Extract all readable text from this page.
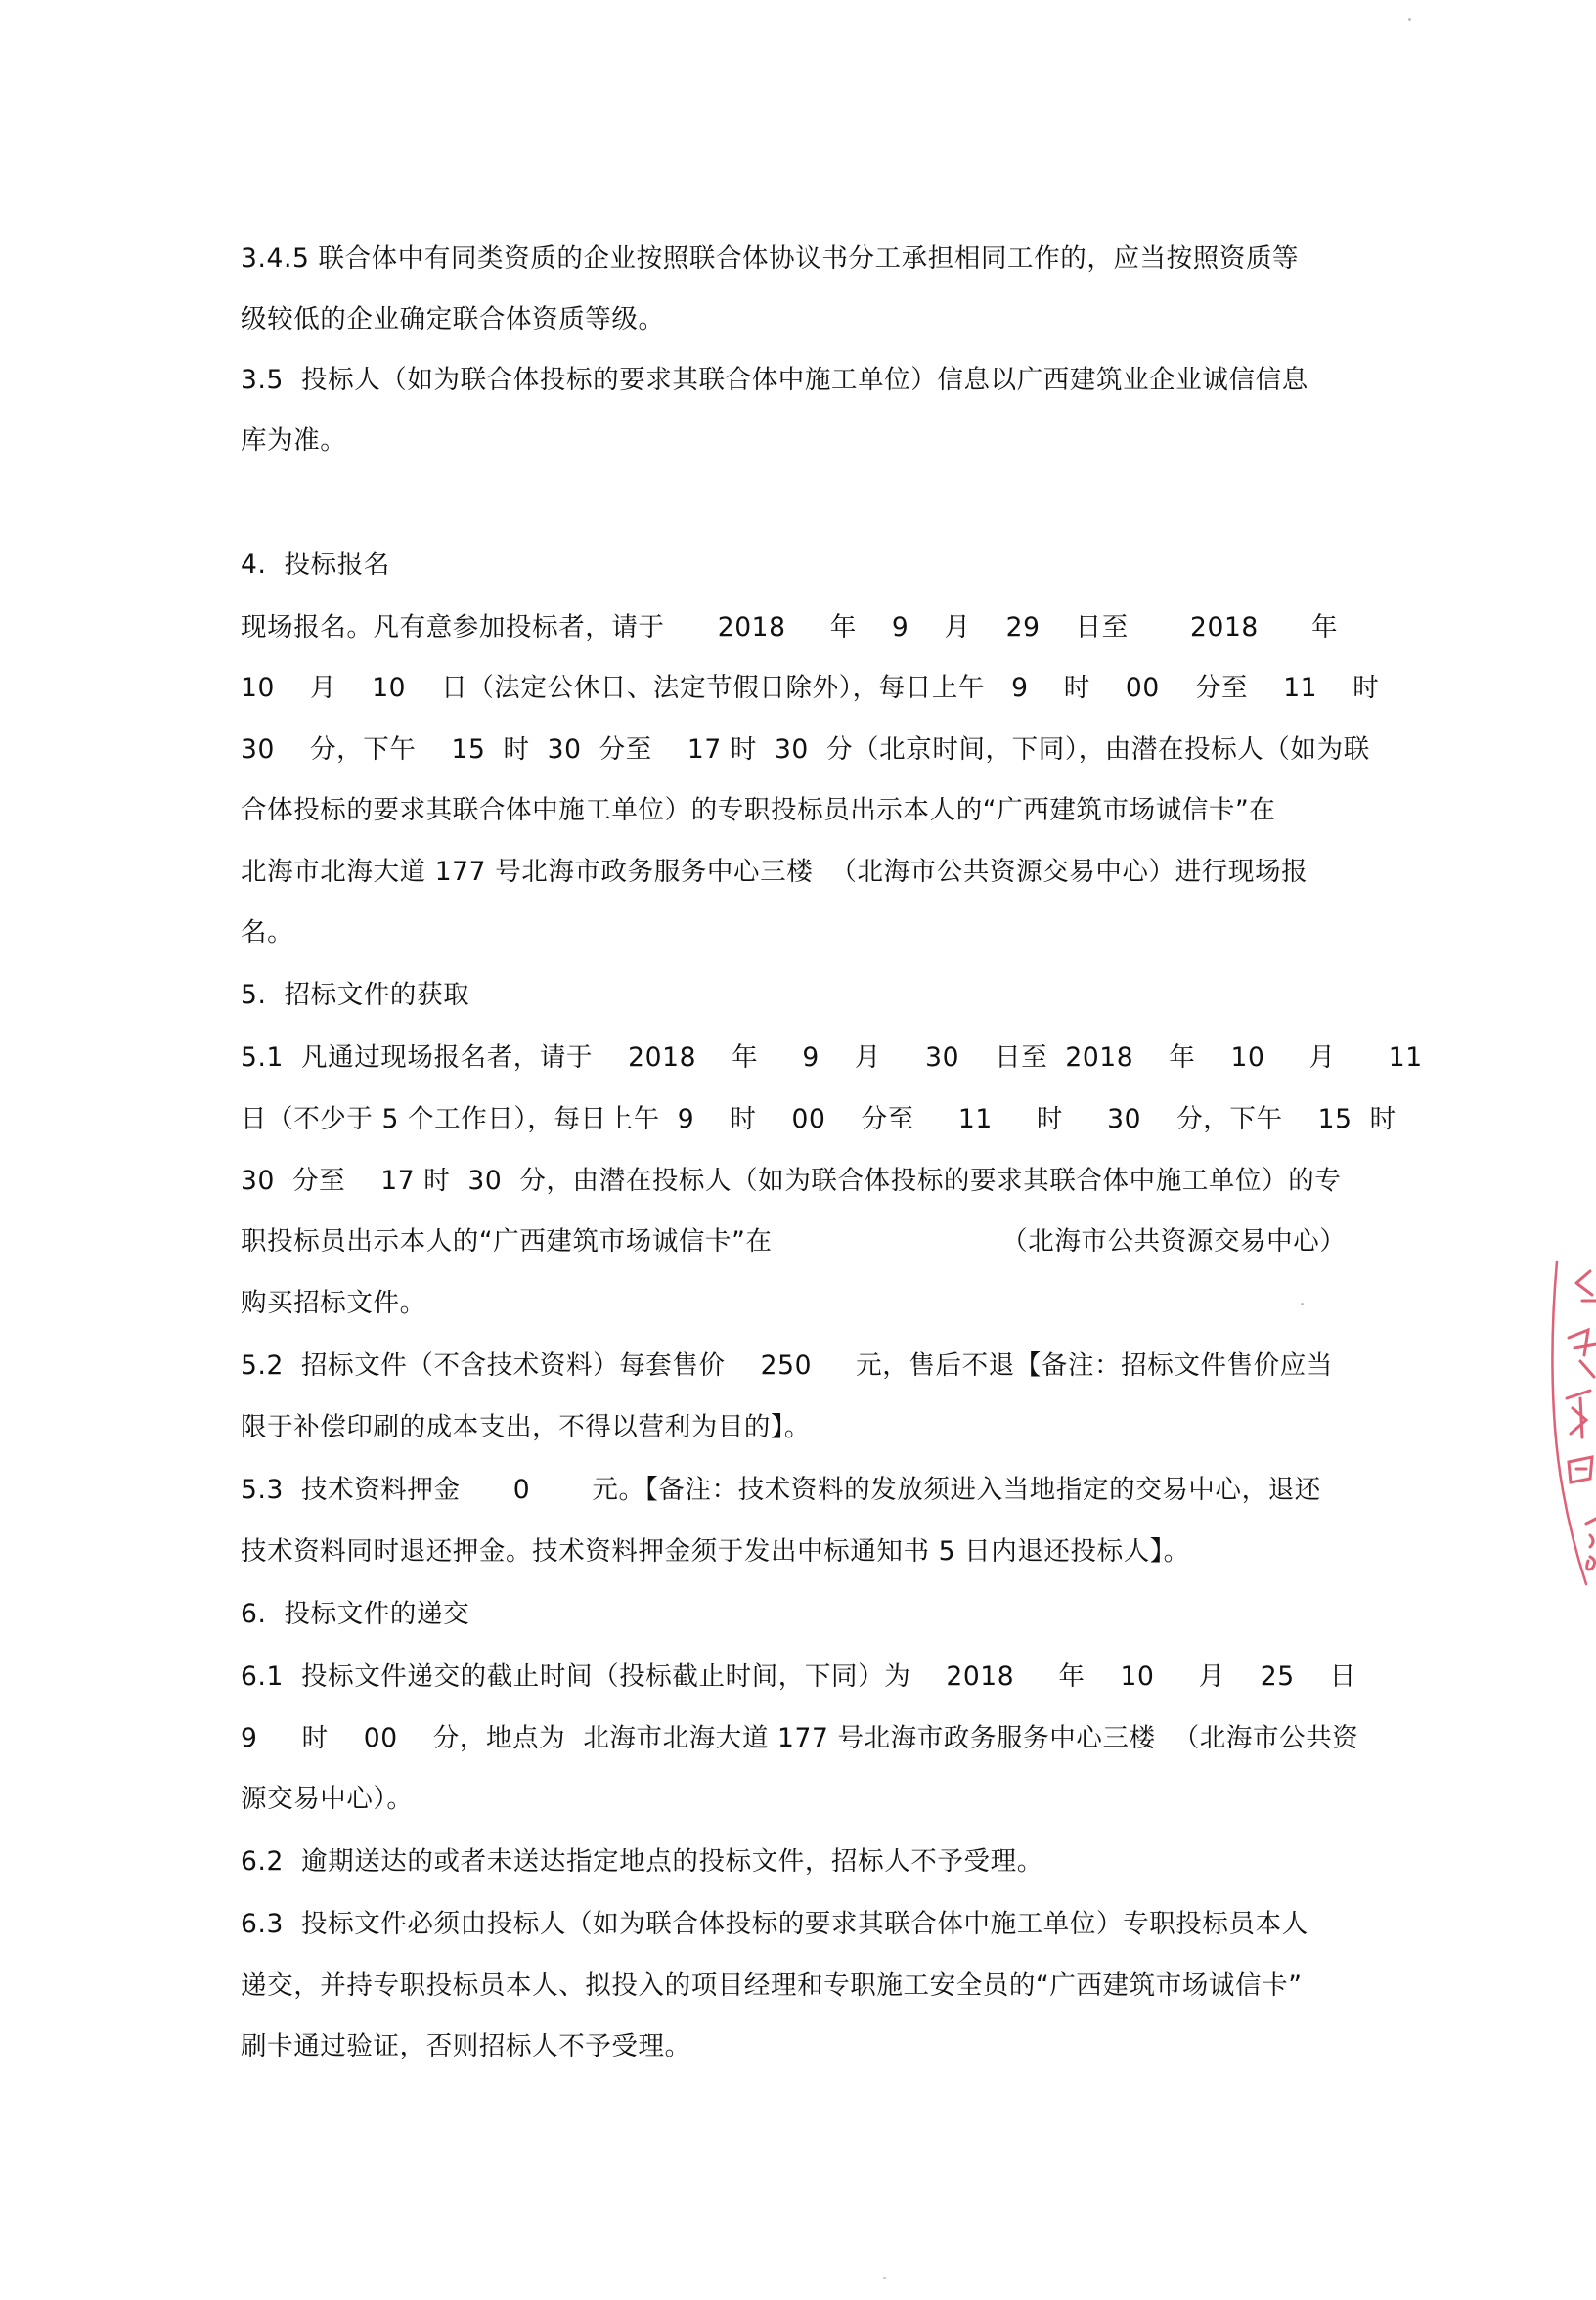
3.4.5 联合体中有同类资质的企业按照联合体协议书分工承担相同工作的，应当按照资质等
级较低的企业确定联合体资质等级。
3.5  投标人（如为联合体投标的要求其联合体中施工单位）信息以广西建筑业企业诚信信息
库为准。
4.  投标报名
现场报名。凡有意参加投标者，请于      2018     年    9    月    29    日至       2018      年
10    月    10    日（法定公休日、法定节假日除外），每日上午   9    时    00    分至    11    时
30    分，下午    15  时  30  分至    17 时  30  分（北京时间，下同），由潜在投标人（如为联
合体投标的要求其联合体中施工单位）的专职投标员出示本人的“广西建筑市场诚信卡”在
北海市北海大道 177 号北海市政务服务中心三楼  （北海市公共资源交易中心）进行现场报
名。
5.  招标文件的获取
5.1  凡通过现场报名者，请于    2018    年     9    月     30    日至  2018    年    10     月      11
日（不少于 5 个工作日），每日上午  9    时    00    分至     11     时     30    分，下午    15  时
30  分至    17 时  30  分，由潜在投标人（如为联合体投标的要求其联合体中施工单位）的专
职投标员出示本人的“广西建筑市场诚信卡”在                          （北海市公共资源交易中心）
购买招标文件。
5.2  招标文件（不含技术资料）每套售价    250     元，售后不退【备注：招标文件售价应当
限于补偿印刷的成本支出，不得以营利为目的】。
5.3  技术资料押金      0       元。【备注：技术资料的发放须进入当地指定的交易中心，退还
技术资料同时退还押金。技术资料押金须于发出中标通知书 5 日内退还投标人】。
6.  投标文件的递交
6.1  投标文件递交的截止时间（投标截止时间，下同）为    2018     年    10     月    25    日
9     时    00    分，地点为  北海市北海大道 177 号北海市政务服务中心三楼  （北海市公共资
源交易中心）。
6.2  逾期送达的或者未送达指定地点的投标文件，招标人不予受理。
6.3  投标文件必须由投标人（如为联合体投标的要求其联合体中施工单位）专职投标员本人
递交，并持专职投标员本人、拟投入的项目经理和专职施工安全员的“广西建筑市场诚信卡”
刷卡通过验证，否则招标人不予受理。
